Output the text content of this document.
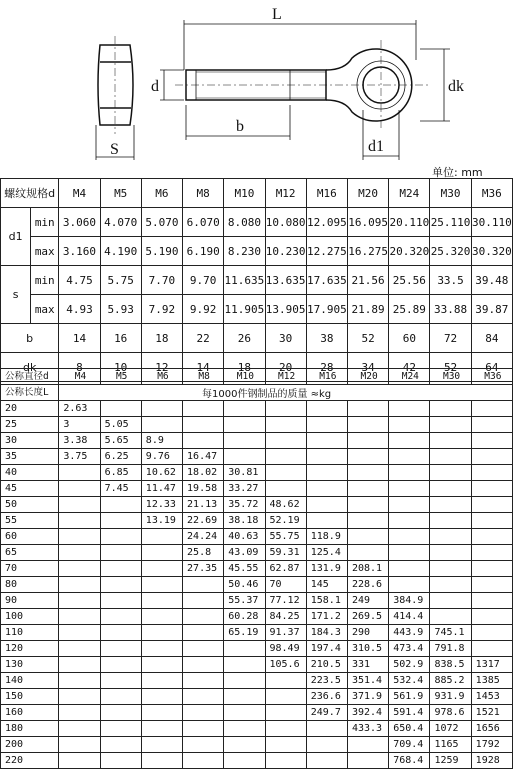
L
d
b
S
dk
d1
单位: mm
螺纹规格d		M4	M5	M6	M8	M10	M12	M16	M20	M24	M30	M36
d1	min	3.060	4.070	5.070	6.070	8.080	10.080	12.095	16.095	20.110	25.110	30.110
	max	3.160	4.190	5.190	6.190	8.230	10.230	12.275	16.275	20.320	25.320	30.320
s	min	4.75	5.75	7.70	9.70	11.635	13.635	17.635	21.56	25.56	33.5	39.48
	max	4.93	5.93	7.92	9.92	11.905	13.905	17.905	21.89	25.89	33.88	39.87
b		14	16	18	22	26	30	38	52	60	72	84
dk		8	10	12	14	18	20	28	34	42	52	64
公称直径d	M4	M5	M6	M8	M10	M12	M16	M20	M24	M30	M36
公称长度L											
20	2.63										
25	3	5.05									
30	3.38	5.65	8.9								
35	3.75	6.25	9.76	16.47							
40		6.85	10.62	18.02	30.81						
45		7.45	11.47	19.58	33.27						
50			12.33	21.13	35.72	48.62					
55			13.19	22.69	38.18	52.19					
60				24.24	40.63	55.75	118.9				
65				25.8	43.09	59.31	125.4				
70				27.35	45.55	62.87	131.9	208.1			
80					50.46	70	145	228.6			
90					55.37	77.12	158.1	249	384.9		
100					60.28	84.25	171.2	269.5	414.4		
110					65.19	91.37	184.3	290	443.9	745.1	
120						98.49	197.4	310.5	473.4	791.8	
130						105.6	210.5	331	502.9	838.5	1317
140							223.5	351.4	532.4	885.2	1385
150							236.6	371.9	561.9	931.9	1453
160							249.7	392.4	591.4	978.6	1521
180								433.3	650.4	1072	1656
200									709.4	1165	1792
220									768.4	1259	1928
每1000件钢制品的质量 ≈kg
